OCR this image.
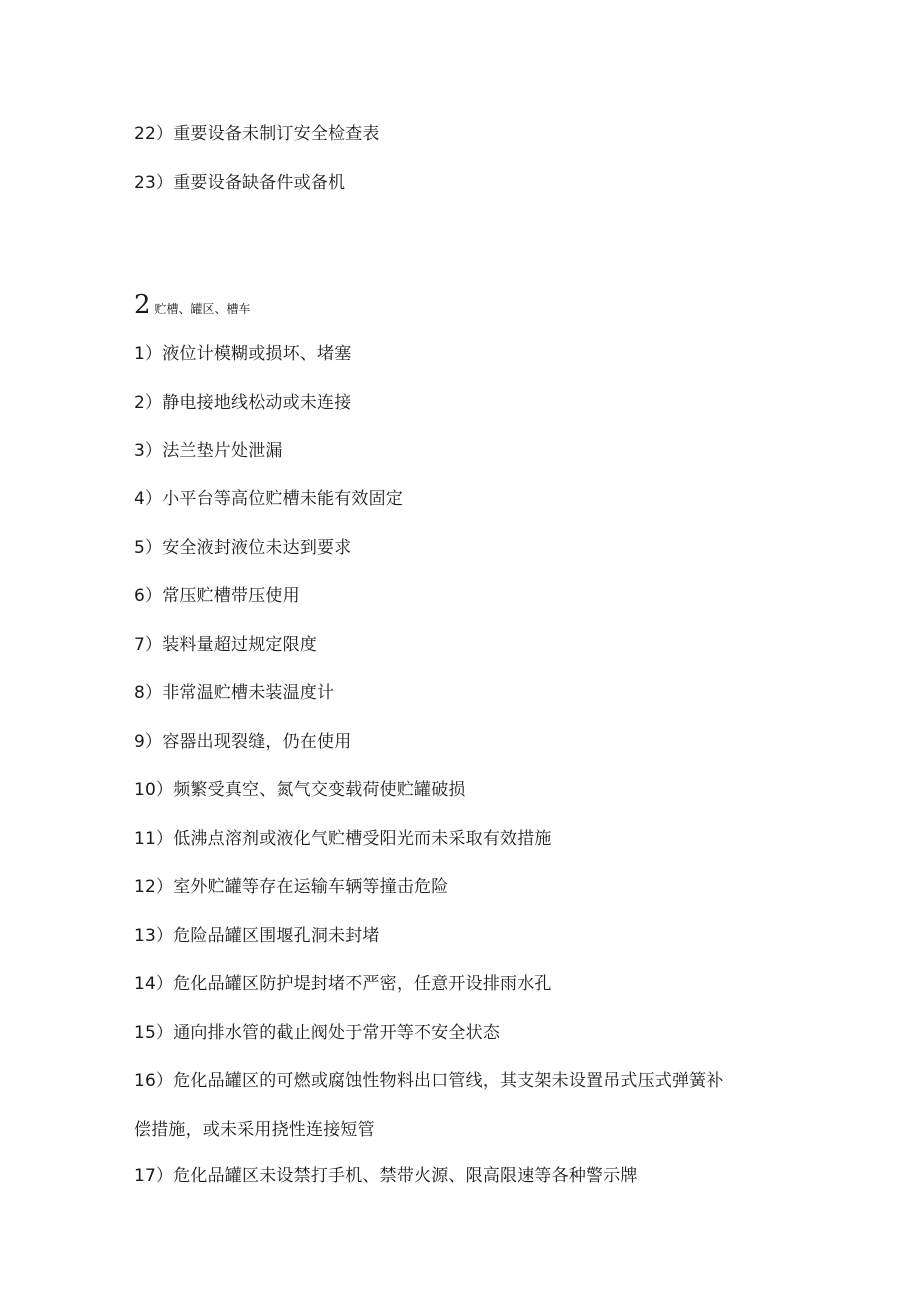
22）重要设备未制订安全检查表
23）重要设备缺备件或备机
2 贮槽、罐区、槽车
1）液位计模糊或损坏、堵塞
2）静电接地线松动或未连接
3）法兰垫片处泄漏
4）小平台等高位贮槽未能有效固定
5）安全液封液位未达到要求
6）常压贮槽带压使用
7）装料量超过规定限度
8）非常温贮槽未装温度计
9）容器出现裂缝，仍在使用
10）频繁受真空、氮气交变载荷使贮罐破损
11）低沸点溶剂或液化气贮槽受阳光而未采取有效措施
12）室外贮罐等存在运输车辆等撞击危险
13）危险品罐区围堰孔洞未封堵
14）危化品罐区防护堤封堵不严密，任意开设排雨水孔
15）通向排水管的截止阀处于常开等不安全状态
16）危化品罐区的可燃或腐蚀性物料出口管线，其支架未设置吊式压式弹簧补
偿措施，或未采用挠性连接短管
17）危化品罐区未设禁打手机、禁带火源、限高限速等各种警示牌
